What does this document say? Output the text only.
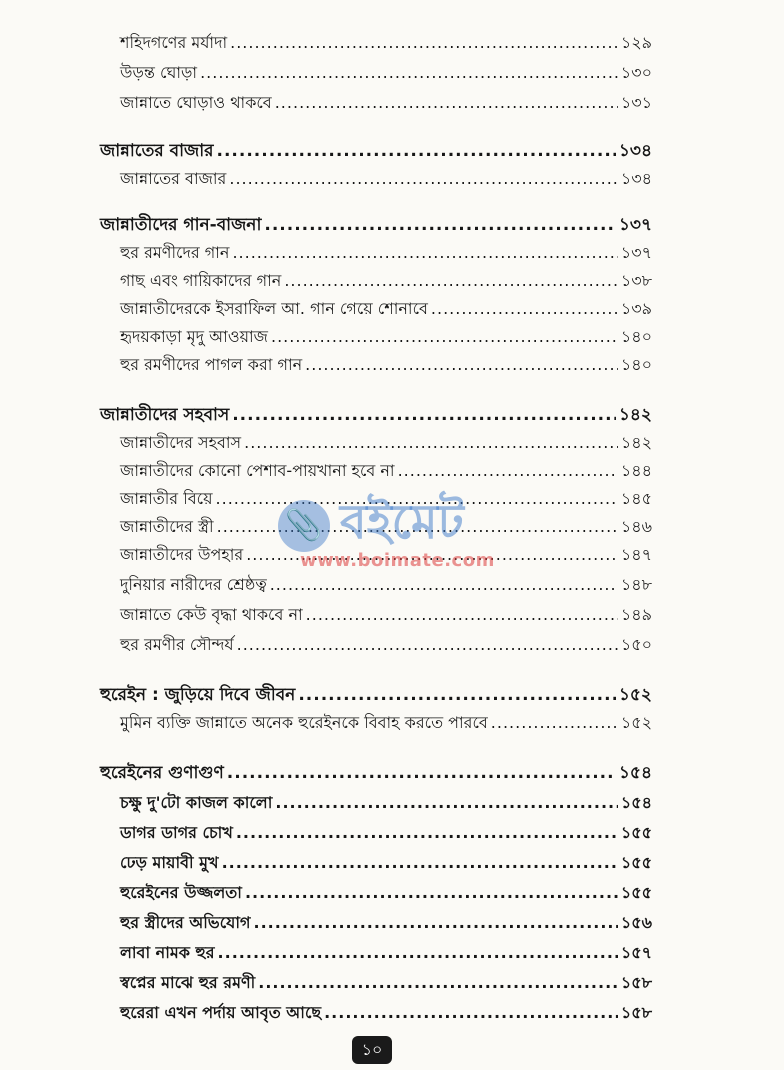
শহিদগণের মর্যাদা .....	১২৯
উড়ন্ত ঘোড়া .....	১৩০
জান্নাতে ঘোড়াও থাকবে .....	১৩১
জান্নাতের বাজার .....	১৩৪
জান্নাতের বাজার .....	১৩৪
জান্নাতীদের গান-বাজনা .....	১৩৭
হুর রমণীদের গান .....	১৩৭
গাছ এবং গায়িকাদের গান .....	১৩৮
জান্নাতীদেরকে ইসরাফিল আ. গান গেয়ে শোনাবে .....	১৩৯
হৃদয়কাড়া মৃদু আওয়াজ .....	১৪০
হুর রমণীদের পাগল করা গান .....	১৪০
জান্নাতীদের সহবাস .....	১৪২
জান্নাতীদের সহবাস .....	১৪২
জান্নাতীদের কোনো পেশাব-পায়খানা হবে না .....	১৪৪
জান্নাতীর বিয়ে .....	১৪৫
জান্নাতীদের স্ত্রী .....	১৪৬
জান্নাতীদের উপহার .....	১৪৭
দুনিয়ার নারীদের শ্রেষ্ঠত্ব .....	১৪৮
জান্নাতে কেউ বৃদ্ধা থাকবে না .....	১৪৯
হুর রমণীর সৌন্দর্য .....	১৫০
হুরেইন : জুড়িয়ে দিবে জীবন .....	১৫২
মুমিন ব্যক্তি জান্নাতে অনেক হুরেইনকে বিবাহ করতে পারবে .....	১৫২
হুরেইনের গুণাগুণ .....	১৫৪
চক্ষু দু'টো কাজল কালো .....	১৫৪
ডাগর ডাগর চোখ .....	১৫৫
ঢেড় মায়াবী মুখ .....	১৫৫
হুরেইনের উজ্জলতা .....	১৫৫
হুর স্ত্রীদের অভিযোগ .....	১৫৬
লাবা নামক হুর .....	১৫৭
স্বপ্নের মাঝে হুর রমণী .....	১৫৮
হুরেরা এখন পর্দায় আবৃত আছে .....	১৫৮
📎 বইমেট
www.boimate.com
১০
